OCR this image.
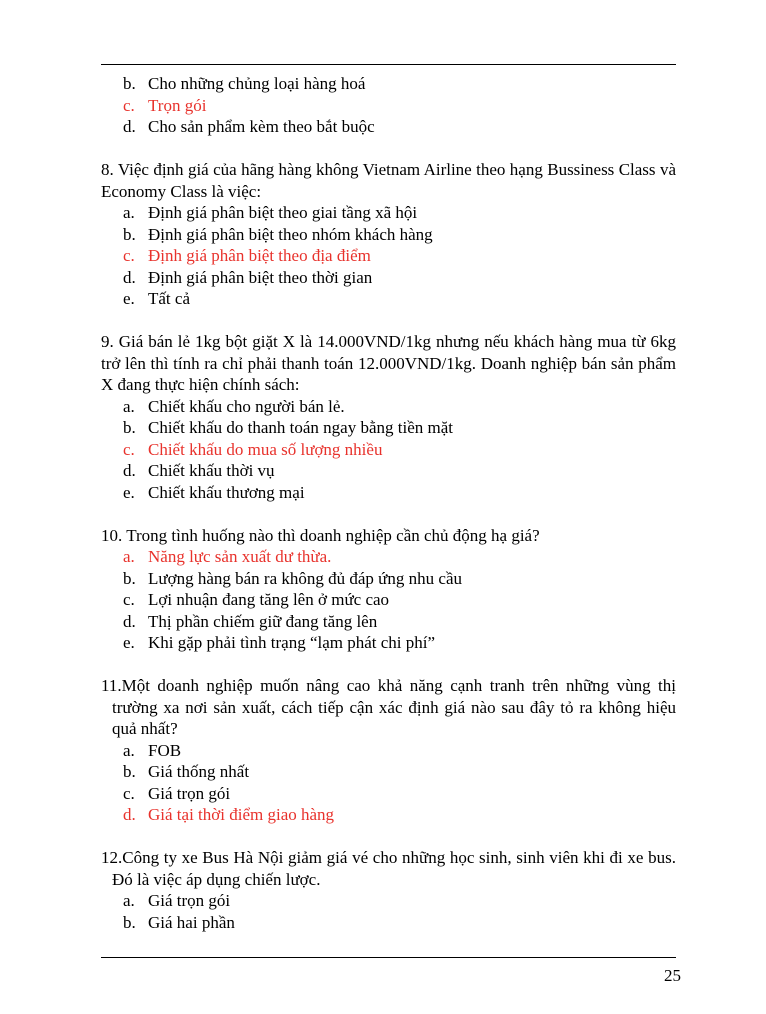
b. Cho những chủng loại hàng hoá
c. Trọn gói
d. Cho sản phẩm kèm theo bắt buộc
8. Việc định giá của hãng hàng không Vietnam Airline theo hạng Bussiness Class và Economy Class là việc:
a. Định giá phân biệt theo giai tầng xã hội
b. Định giá phân biệt theo nhóm khách hàng
c. Định giá phân biệt theo địa điểm
d. Định giá phân biệt theo thời gian
e. Tất cả
9. Giá bán lẻ 1kg bột giặt X là 14.000VND/1kg nhưng nếu khách hàng mua từ 6kg trở lên thì tính ra chỉ phải thanh toán 12.000VND/1kg. Doanh nghiệp bán sản phẩm X đang thực hiện chính sách:
a. Chiết khấu cho người bán lẻ.
b. Chiết khấu do thanh toán ngay bằng tiền mặt
c. Chiết khấu do mua số lượng nhiều
d. Chiết khấu thời vụ
e. Chiết khấu thương mại
10. Trong tình huống nào thì doanh nghiệp cần chủ động hạ giá?
a. Năng lực sản xuất dư thừa.
b. Lượng hàng bán ra không đủ đáp ứng nhu cầu
c. Lợi nhuận đang tăng lên ở mức cao
d. Thị phần chiếm giữ đang tăng lên
e. Khi gặp phải tình trạng “lạm phát chi phí”
11.Một doanh nghiệp muốn nâng cao khả năng cạnh tranh trên những vùng thị trường xa nơi sản xuất, cách tiếp cận xác định giá nào sau đây tỏ ra không hiệu quả nhất?
a. FOB
b. Giá thống nhất
c. Giá trọn gói
d. Giá tại thời điểm giao hàng
12.Công ty xe Bus Hà Nội giảm giá vé cho những học sinh, sinh viên khi đi xe bus. Đó là việc áp dụng chiến lược.
a. Giá trọn gói
b. Giá hai phần
25
